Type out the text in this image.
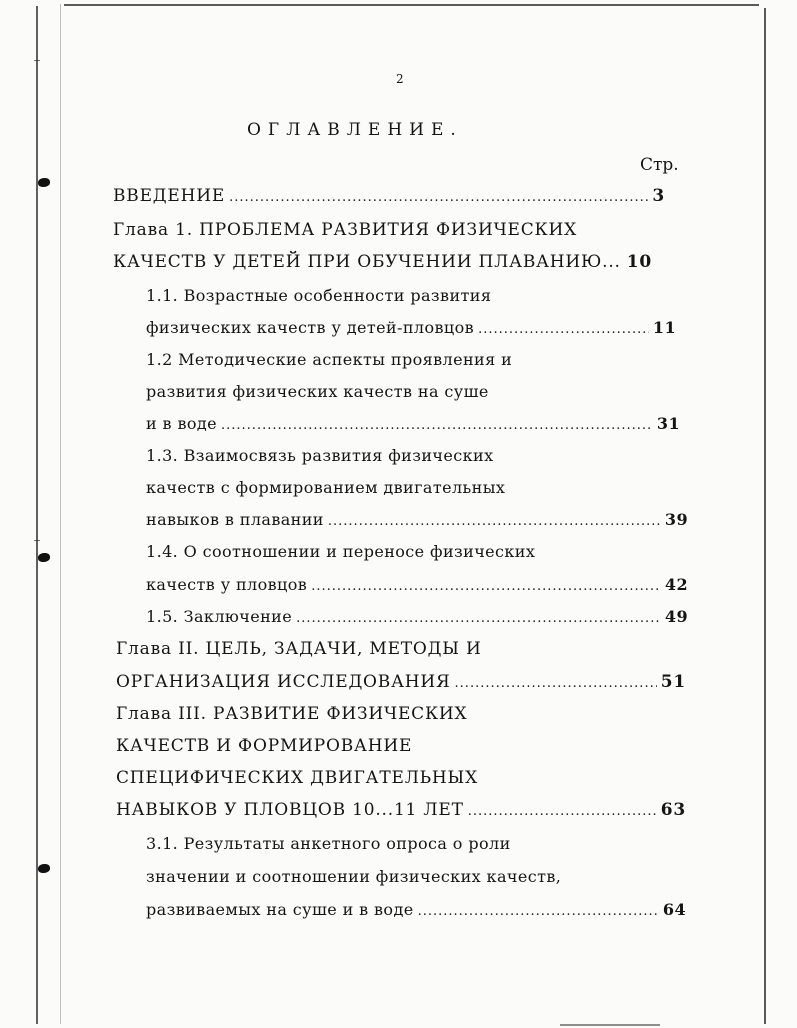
2
ОГЛАВЛЕНИЕ.
Стр.
ВВЕДЕНИЕ .....	3
Глава 1. ПРОБЛЕМА РАЗВИТИЯ ФИЗИЧЕСКИХ
КАЧЕСТВ У ДЕТЕЙ ПРИ ОБУЧЕНИИ ПЛАВАНИЮ... 10
1.1. Возрастные особенности развития
физических качеств у детей-пловцов .....	11
1.2 Методические аспекты проявления и
развития физических качеств на суше
и в воде .....	31
1.3. Взаимосвязь развития физических
качеств с формированием двигательных
навыков в плавании .....	39
1.4. О соотношении и переносе физических
качеств у пловцов .....	42
1.5. Заключение .....	49
Глава II. ЦЕЛЬ, ЗАДАЧИ, МЕТОДЫ И
ОРГАНИЗАЦИЯ ИССЛЕДОВАНИЯ .....	51
Глава III. РАЗВИТИЕ ФИЗИЧЕСКИХ
КАЧЕСТВ И ФОРМИРОВАНИЕ
СПЕЦИФИЧЕСКИХ ДВИГАТЕЛЬНЫХ
НАВЫКОВ У ПЛОВЦОВ 10...11 ЛЕТ .....	63
3.1. Результаты анкетного опроса о роли
значении и соотношении физических качеств,
развиваемых на суше и в воде .....	64
